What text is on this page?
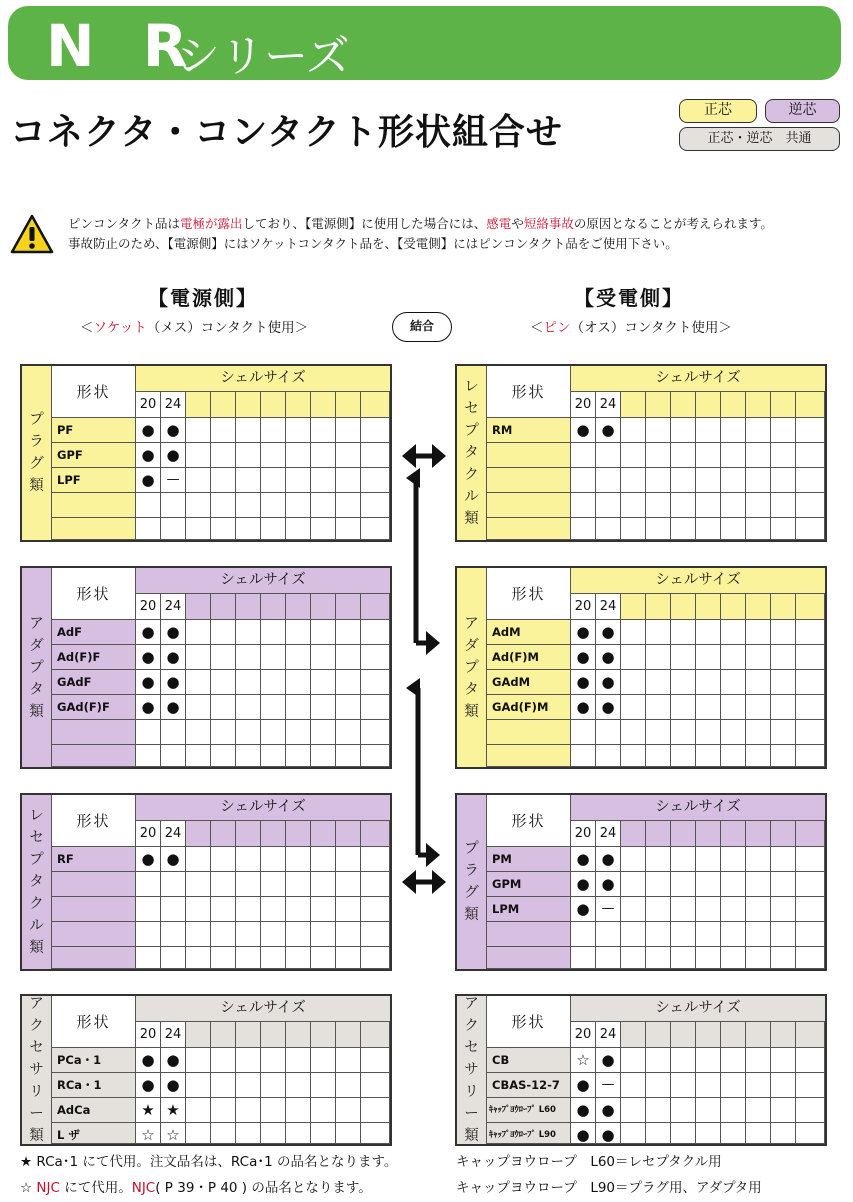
N R
シリーズ
コネクタ・コンタクト形状組合せ
正芯	逆芯
正芯・逆芯　共通
ピンコンタクト品は電極が露出しており、【電源側】に使用した場合には、感電や短絡事故の原因となることが考えられます。
事故防止のため、【電源側】にはソケットコンタクト品を、【受電側】にはピンコンタクト品をご使用下さい。
【電源側】
＜ソケット（メス）コンタクト使用＞	結合
【受電側】
＜ピン（オス）コンタクト使用＞
プ
ラ
グ
類
形状
シェルサイズ
20 24
PF	● ●
GPF	● ●
LPF	● —
ア
ダ
プ
タ
類
形状
シェルサイズ
20 24
AdF	● ●
Ad(F)F	● ●
GAdF	● ●
GAd(F)F	● ●
レ
セ
プ
タ
ク
ル
類
形状
シェルサイズ
20 24
RF	● ●
ア
ク
セ
サ
リ
ー
類
形状
シェルサイズ
20 24
PCa・1	● ●
RCa・1	● ●
AdCa	★ ★
L ザ	☆ ☆
レ
セ
プ
タ
ク
ル
類
形状
シェルサイズ
20 24
RM	● ●
ア
ダ
プ
タ
類
形状
シェルサイズ
20 24
AdM	● ●
Ad(F)M	● ●
GAdM	● ●
GAd(F)M	● ●
プ
ラ
グ
類
形状
シェルサイズ
20 24
PM	● ●
GPM	● ●
LPM	● —
ア
ク
セ
サ
リ
ー
類
形状
シェルサイズ
20 24
CB	☆ ●
CBAS-12-7	● —
ｷｬｯﾌﾟﾖｳﾛｰﾌﾟ L60	● ●
ｷｬｯﾌﾟﾖｳﾛｰﾌﾟ L90	● ●
★ RCa･1 にて代用。注文品名は、RCa･1 の品名となります。
☆ NJC にて代用。NJC( P 39・P 40 ) の品名となります。
キャップヨウロープ　L60＝レセプタクル用
キャップヨウロープ　L90＝プラグ用、アダプタ用
